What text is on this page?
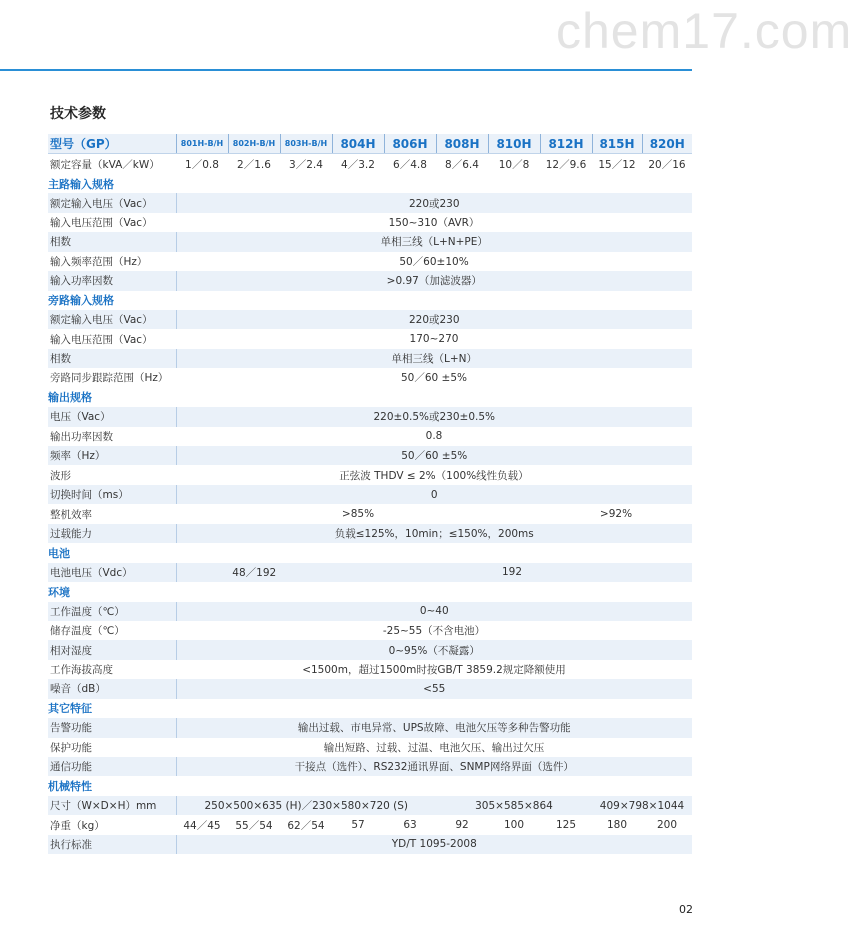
chem17.com
技术参数
型号（GP）	801H-B/H	802H-B/H	803H-B/H	804H	806H	808H	810H	812H	815H	820H
额定容量（kVA／kW）	1／0.8	2／1.6	3／2.4	4／3.2	6／4.8	8／6.4	10／8	12／9.6	15／12	20／16
主路输入规格										
额定输入电压（Vac）	220或230									
输入电压范围（Vac）	150~310（AVR）									
相数	单相三线（L+N+PE）									
输入频率范围（Hz）	50／60±10%									
输入功率因数	>0.97（加滤波器）									
旁路输入规格										
额定输入电压（Vac）	220或230									
输入电压范围（Vac）	170~270									
相数	单相三线（L+N）									
旁路同步跟踪范围（Hz）	50／60 ±5%									
输出规格										
电压（Vac）	220±0.5%或230±0.5%									
输出功率因数	0.8									
频率（Hz）	50／60 ±5%									
波形	正弦波 THDV ≤ 2%（100%线性负载）									
切换时间（ms）	0									
整机效率	>85%							>92%		
过载能力	负载≤125%，10min；≤150%，200ms									
电池										
电池电压（Vdc）	48／192			192						
环境										
工作温度（℃）	0~40									
储存温度（℃）	-25~55（不含电池）									
相对湿度	0~95%（不凝露）									
工作海拔高度	<1500m，超过1500m时按GB/T 3859.2规定降额使用									
噪音（dB）	<55									
其它特征										
告警功能	输出过载、市电异常、UPS故障、电池欠压等多种告警功能									
保护功能	输出短路、过载、过温、电池欠压、输出过欠压									
通信功能	干接点（选件）、RS232通讯界面、SNMP网络界面（选件）									
机械特性										
尺寸（W×D×H）mm	250×500×635 (H)／230×580×720 (S)					305×585×864			409×798×1044	
净重（kg）	44／45	55／54	62／54	57	63	92	100	125	180	200
执行标准	YD/T 1095-2008									
02
